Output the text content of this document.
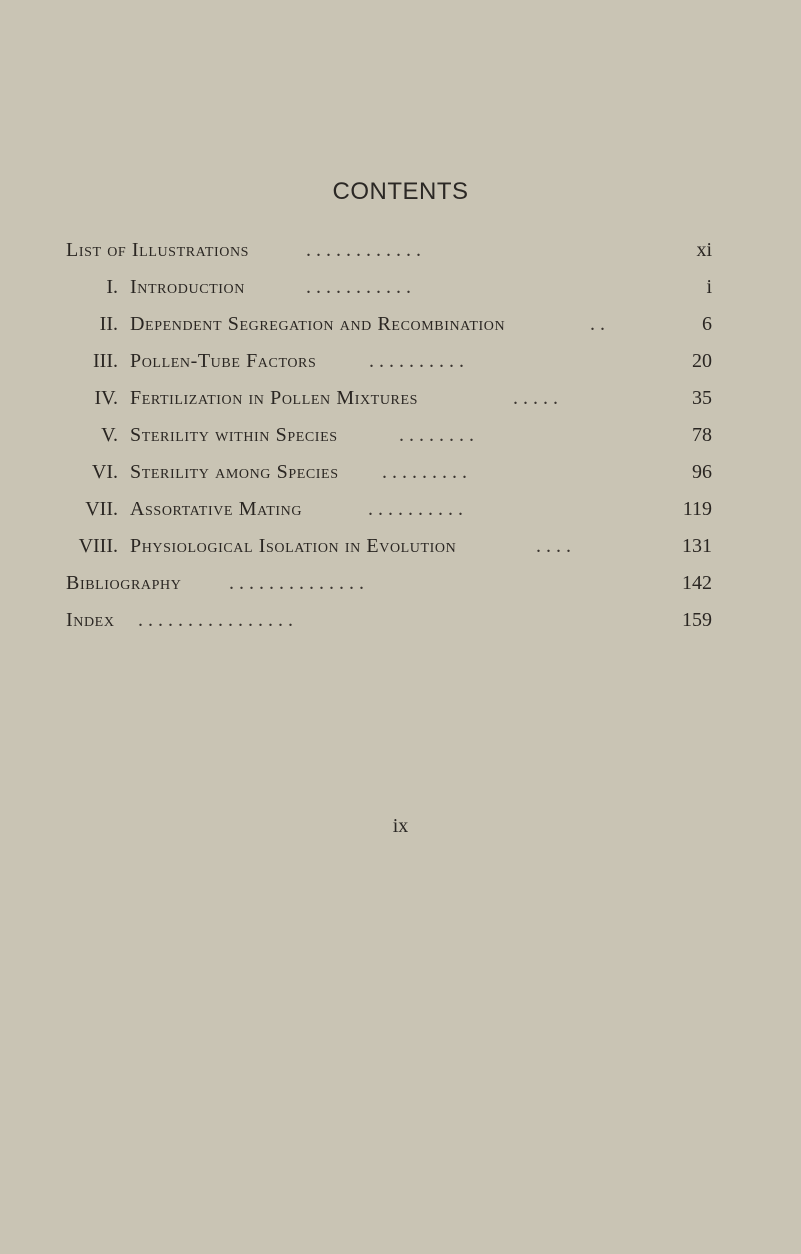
CONTENTS
List of Illustrations	. . . . . . . . . . . .	xi
I. Introduction	. . . . . . . . . . .	i
II. Dependent Segregation and Recombination	. .	6
III. Pollen-Tube Factors	. . . . . . . . . .	20
IV. Fertilization in Pollen Mixtures	. . . . .	35
V. Sterility within Species	. . . . . . . .	78
VI. Sterility among Species . . . . . . . . .	96
VII. Assortative Mating	. . . . . . . . . .	119
VIII. Physiological Isolation in Evolution	. . . .	131
Bibliography . . . . . . . . . . . . . .	142
Index . . . . . . . . . . . . . . . .	159
ix
